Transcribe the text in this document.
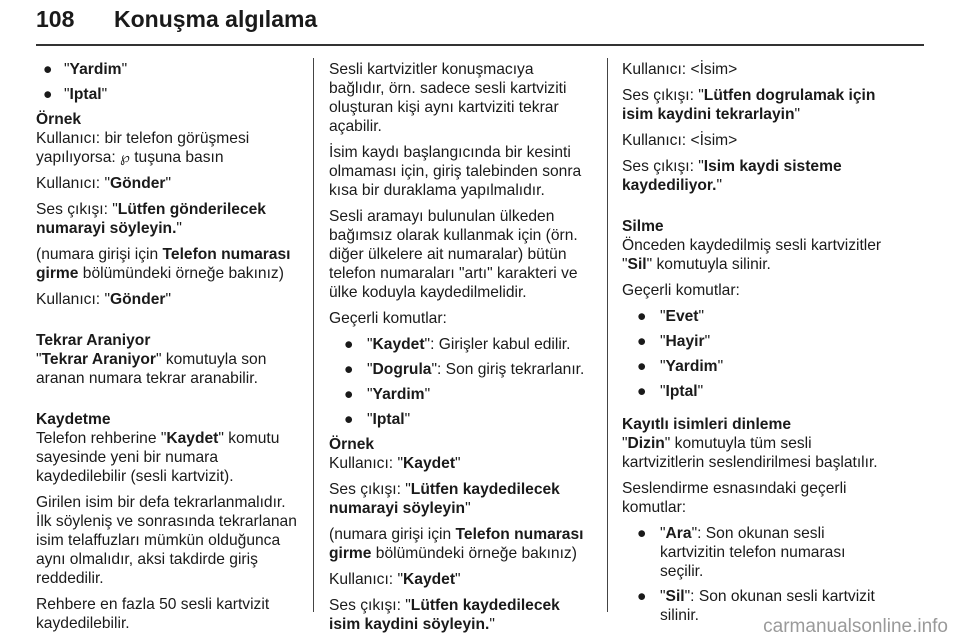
108 Konuşma algılama
● "Yardim"
● "Iptal"

Örnek

Kullanıcı: bir telefon görüşmesi yapılıyorsa: ℘ tuşuna basın

Kullanıcı: "Gönder"

Ses çıkışı: "Lütfen gönderilecek numarayi söyleyin."

(numara girişi için Telefon numarası girme bölümündeki örneğe bakınız)

Kullanıcı: "Gönder"

Tekrar Araniyor

"Tekrar Araniyor" komutuyla son aranan numara tekrar aranabilir.

Kaydetme

Telefon rehberine "Kaydet" komutu sayesinde yeni bir numara kaydedilebilir (sesli kartvizit).

Girilen isim bir defa tekrarlanmalıdır. İlk söyleniş ve sonrasında tekrarlanan isim telaffuzları mümkün olduğunca aynı olmalıdır, aksi takdirde giriş reddedilir.

Rehbere en fazla 50 sesli kartvizit kaydedilebilir.

Sesli kartvizitler konuşmacıya bağlıdır, örn. sadece sesli kartviziti oluşturan kişi aynı kartviziti tekrar açabilir.

İsim kaydı başlangıcında bir kesinti olmaması için, giriş talebinden sonra kısa bir duraklama yapılmalıdır.

Sesli aramayı bulunulan ülkeden bağımsız olarak kullanmak için (örn. diğer ülkelere ait numaralar) bütün telefon numaraları "artı" karakteri ve ülke koduyla kaydedilmelidir.

Geçerli komutlar:

● "Kaydet": Girişler kabul edilir.
● "Dogrula": Son giriş tekrarlanır.
● "Yardim"
● "Iptal"

Örnek

Kullanıcı: "Kaydet"

Ses çıkışı: "Lütfen kaydedilecek numarayi söyleyin"

(numara girişi için Telefon numarası girme bölümündeki örneğe bakınız)

Kullanıcı: "Kaydet"

Ses çıkışı: "Lütfen kaydedilecek isim kaydini söyleyin."

Kullanıcı: <İsim>

Ses çıkışı: "Lütfen dogrulamak için isim kaydini tekrarlayin"

Kullanıcı: <İsim>

Ses çıkışı: "Isim kaydi sisteme kaydediliyor."

Silme

Önceden kaydedilmiş sesli kartvizitler "Sil" komutuyla silinir.

Geçerli komutlar:

● "Evet"
● "Hayir"
● "Yardim"
● "Iptal"

Kayıtlı isimleri dinleme

"Dizin" komutuyla tüm sesli kartvizitlerin seslendirilmesi başlatılır.

Seslendirme esnasındaki geçerli komutlar:

● "Ara": Son okunan sesli kartvizitin telefon numarası seçilir.
● "Sil": Son okunan sesli kartvizit silinir.
carmanualsonline.info
